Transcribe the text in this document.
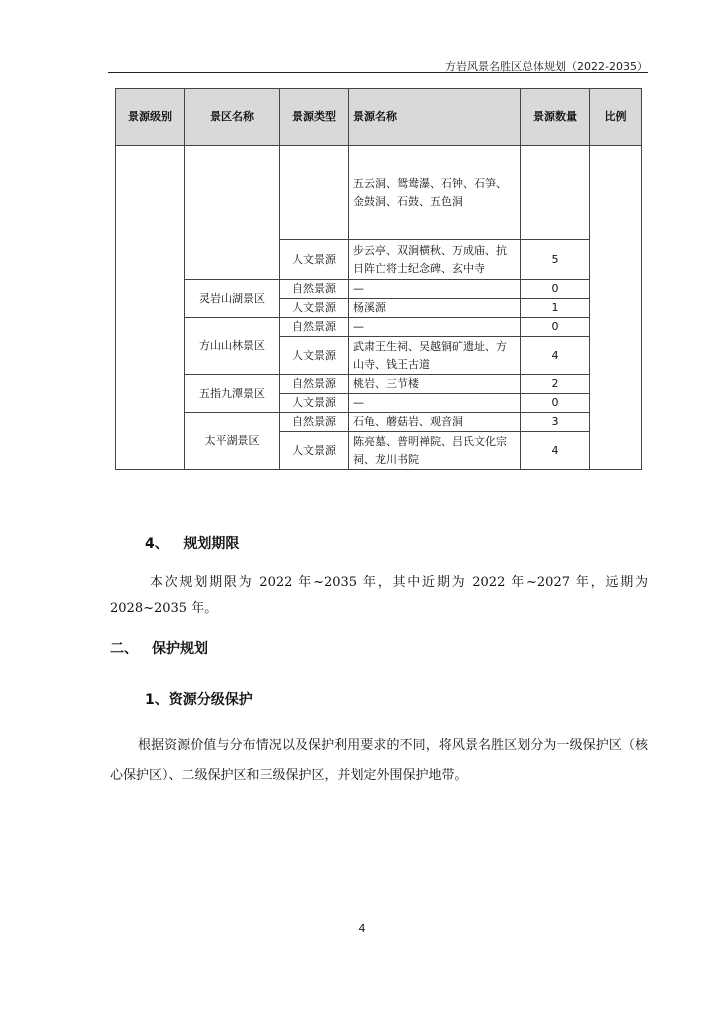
方岩风景名胜区总体规划（2022-2035）
景源级别	景区名称	景源类型	景源名称	景源数量	比例
			五云洞、鸳鸯瀑、石钟、石笋、金鼓洞、石鼓、五色洞		
		人文景源	步云亭、双涧横秋、万成庙、抗日阵亡将士纪念碑、玄中寺	5	
	灵岩山湖景区	自然景源	—	0	
		人文景源	杨溪源	1	
	方山山林景区	自然景源	—	0	
		人文景源	武肃王生祠、吴越铜矿遗址、方山寺、钱王古道	4	
	五指九潭景区	自然景源	桃岩、三节楼	2	
		人文景源	—	0	
	太平湖景区	自然景源	石龟、蘑菇岩、观音洞	3	
		人文景源	陈亮墓、普明禅院、吕氏文化宗祠、龙川书院	4	
4、 规划期限
本次规划期限为 2022 年~2035 年，其中近期为 2022 年~2027 年，远期为 2028~2035 年。
二、 保护规划
1、资源分级保护
根据资源价值与分布情况以及保护利用要求的不同，将风景名胜区划分为一级保护区（核心保护区）、二级保护区和三级保护区，并划定外围保护地带。
4
